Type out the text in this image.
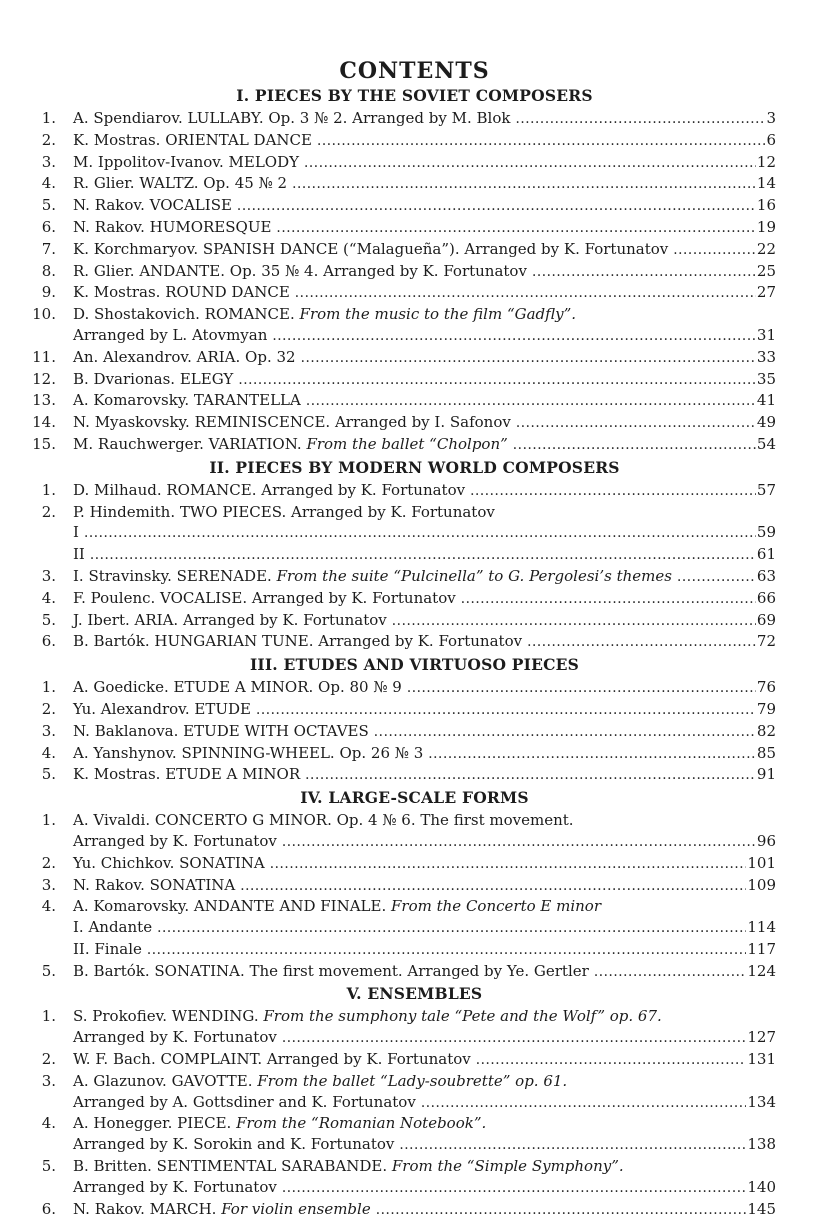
CONTENTS
I. PIECES BY THE SOVIET COMPOSERS
1. A. Spendiarov. LULLABY. Op. 3 № 2. Arranged by M. Blok .....	3
2. K. Mostras. ORIENTAL DANCE .....	6
3. M. Ippolitov-Ivanov. MELODY .....	12
4. R. Glier. WALTZ. Op. 45 № 2 .....	14
5. N. Rakov. VOCALISE .....	16
6. N. Rakov. HUMORESQUE .....	19
7. K. Korchmaryov. SPANISH DANCE (“Malagueña”). Arranged by K. Fortunatov .....	22
8. R. Glier. ANDANTE. Op. 35 № 4. Arranged by K. Fortunatov .....	25
9. K. Mostras. ROUND DANCE .....	27
10. D. Shostakovich. ROMANCE. From the music to the film “Gadfly”.
Arranged by L. Atovmyan .....	31
11. An. Alexandrov. ARIA. Op. 32 .....	33
12. B. Dvarionas. ELEGY .....	35
13. A. Komarovsky. TARANTELLA .....	41
14. N. Myaskovsky. REMINISCENCE. Arranged by I. Safonov .....	49
15. M. Rauchwerger. VARIATION. From the ballet “Cholpon” .....	54
II. PIECES BY MODERN WORLD COMPOSERS
1. D. Milhaud. ROMANCE. Arranged by K. Fortunatov .....	57
2. P. Hindemith. TWO PIECES. Arranged by K. Fortunatov
I .....	59
II .....	61
3. I. Stravinsky. SERENADE. From the suite “Pulcinella” to G. Pergolesi’s themes .....	63
4. F. Poulenc. VOCALISE. Arranged by K. Fortunatov .....	66
5. J. Ibert. ARIA. Arranged by K. Fortunatov .....	69
6. B. Bartók. HUNGARIAN TUNE. Arranged by K. Fortunatov .....	72
III. ETUDES AND VIRTUOSO PIECES
1. A. Goedicke. ETUDE A MINOR. Op. 80 № 9 .....	76
2. Yu. Alexandrov. ETUDE .....	79
3. N. Baklanova. ETUDE WITH OCTAVES .....	82
4. A. Yanshynov. SPINNING-WHEEL. Op. 26 № 3 .....	85
5. K. Mostras. ETUDE A MINOR .....	91
IV. LARGE-SCALE FORMS
1. A. Vivaldi. CONCERTO G MINOR. Op. 4 № 6. The first movement.
Arranged by K. Fortunatov .....	96
2. Yu. Chichkov. SONATINA .....	101
3. N. Rakov. SONATINA .....	109
4. A. Komarovsky. ANDANTE AND FINALE. From the Concerto E minor
I. Andante .....	114
II. Finale .....	117
5. B. Bartók. SONATINA. The first movement. Arranged by Ye. Gertler .....	124
V. ENSEMBLES
1. S. Prokofiev. WENDING. From the sumphony tale “Pete and the Wolf” op. 67.
Arranged by K. Fortunatov .....	127
2. W. F. Bach. COMPLAINT. Arranged by K. Fortunatov .....	131
3. A. Glazunov. GAVOTTE. From the ballet “Lady-soubrette” op. 61.
Arranged by A. Gottsdiner and K. Fortunatov .....	134
4. A. Honegger. PIECE. From the “Romanian Notebook”.
Arranged by K. Sorokin and K. Fortunatov .....	138
5. B. Britten. SENTIMENTAL SARABANDE. From the “Simple Symphony”.
Arranged by K. Fortunatov .....	140
6. N. Rakov. MARCH. For violin ensemble .....	145
